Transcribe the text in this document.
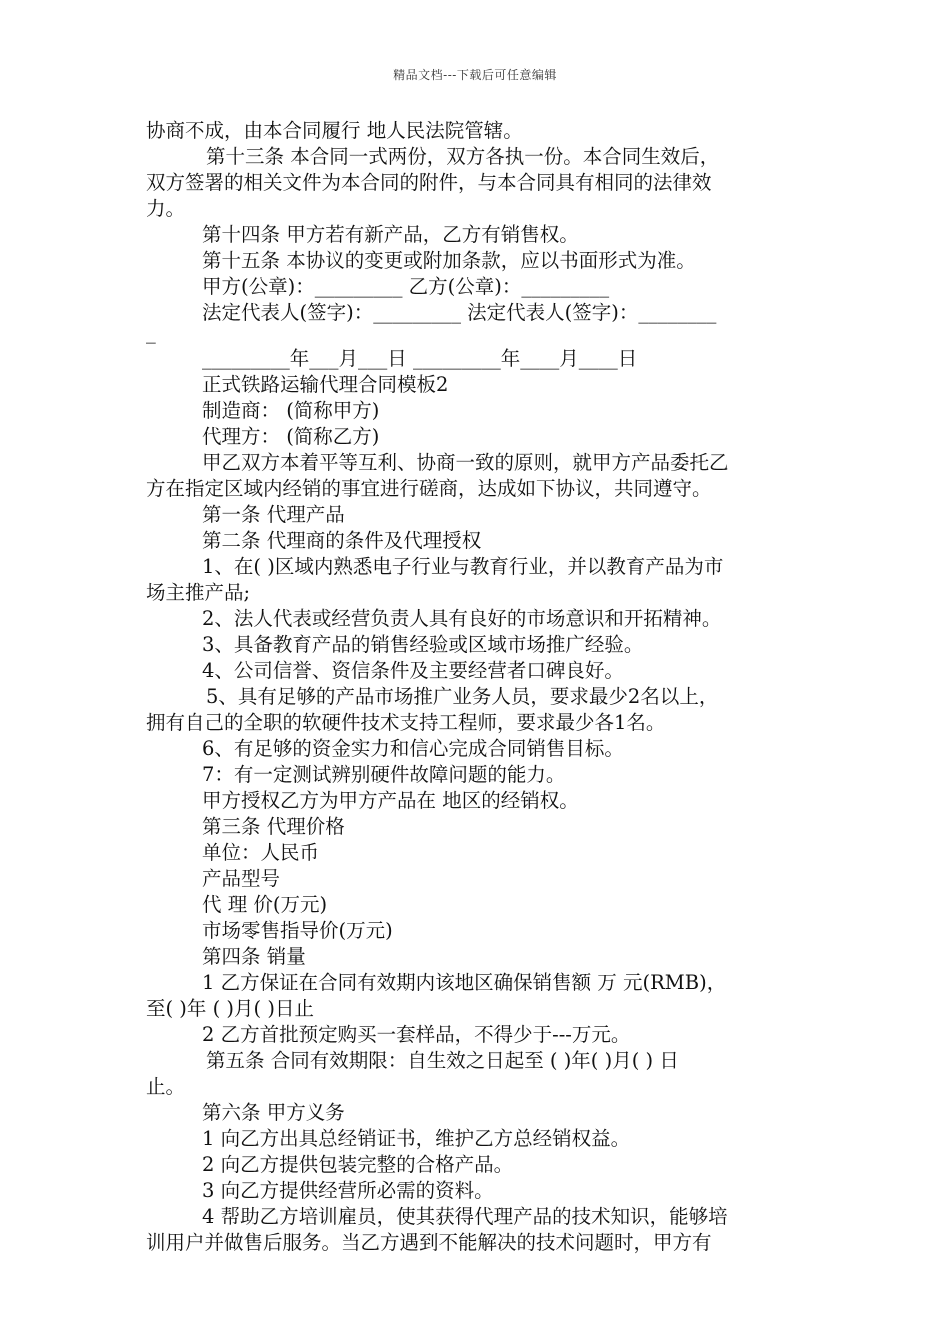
精品文档---下载后可任意编辑
协商不成，由本合同履行 地人民法院管辖。
第十三条 本合同一式两份，双方各执一份。本合同生效后，
双方签署的相关文件为本合同的附件，与本合同具有相同的法律效
力。
第十四条 甲方若有新产品，乙方有销售权。
第十五条 本协议的变更或附加条款，应以书面形式为准。
甲方(公章)：_________ 乙方(公章)：_________
法定代表人(签字)：_________ 法定代表人(签字)：________
_
_________年___月___日 _________年____月____日
正式铁路运输代理合同模板2
制造商： (简称甲方)
代理方： (简称乙方)
甲乙双方本着平等互利、协商一致的原则，就甲方产品委托乙
方在指定区域内经销的事宜进行磋商，达成如下协议，共同遵守。
第一条 代理产品
第二条 代理商的条件及代理授权
1、在( )区域内熟悉电子行业与教育行业，并以教育产品为市
场主推产品;
2、法人代表或经营负责人具有良好的市场意识和开拓精神。
3、具备教育产品的销售经验或区域市场推广经验。
4、公司信誉、资信条件及主要经营者口碑良好。
5、具有足够的产品市场推广业务人员，要求最少2名以上，
拥有自己的全职的软硬件技术支持工程师，要求最少各1名。
6、有足够的资金实力和信心完成合同销售目标。
7：有一定测试辨别硬件故障问题的能力。
甲方授权乙方为甲方产品在 地区的经销权。
第三条 代理价格
单位：人民币
产品型号
代 理 价(万元)
市场零售指导价(万元)
第四条 销量
1 乙方保证在合同有效期内该地区确保销售额 万 元(RMB)，
至( )年 ( )月( )日止
2 乙方首批预定购买一套样品，不得少于---万元。
第五条 合同有效期限：自生效之日起至 ( )年( )月( ) 日
止。
第六条 甲方义务
1 向乙方出具总经销证书，维护乙方总经销权益。
2 向乙方提供包装完整的合格产品。
3 向乙方提供经营所必需的资料。
4 帮助乙方培训雇员，使其获得代理产品的技术知识，能够培
训用户并做售后服务。当乙方遇到不能解决的技术问题时，甲方有
